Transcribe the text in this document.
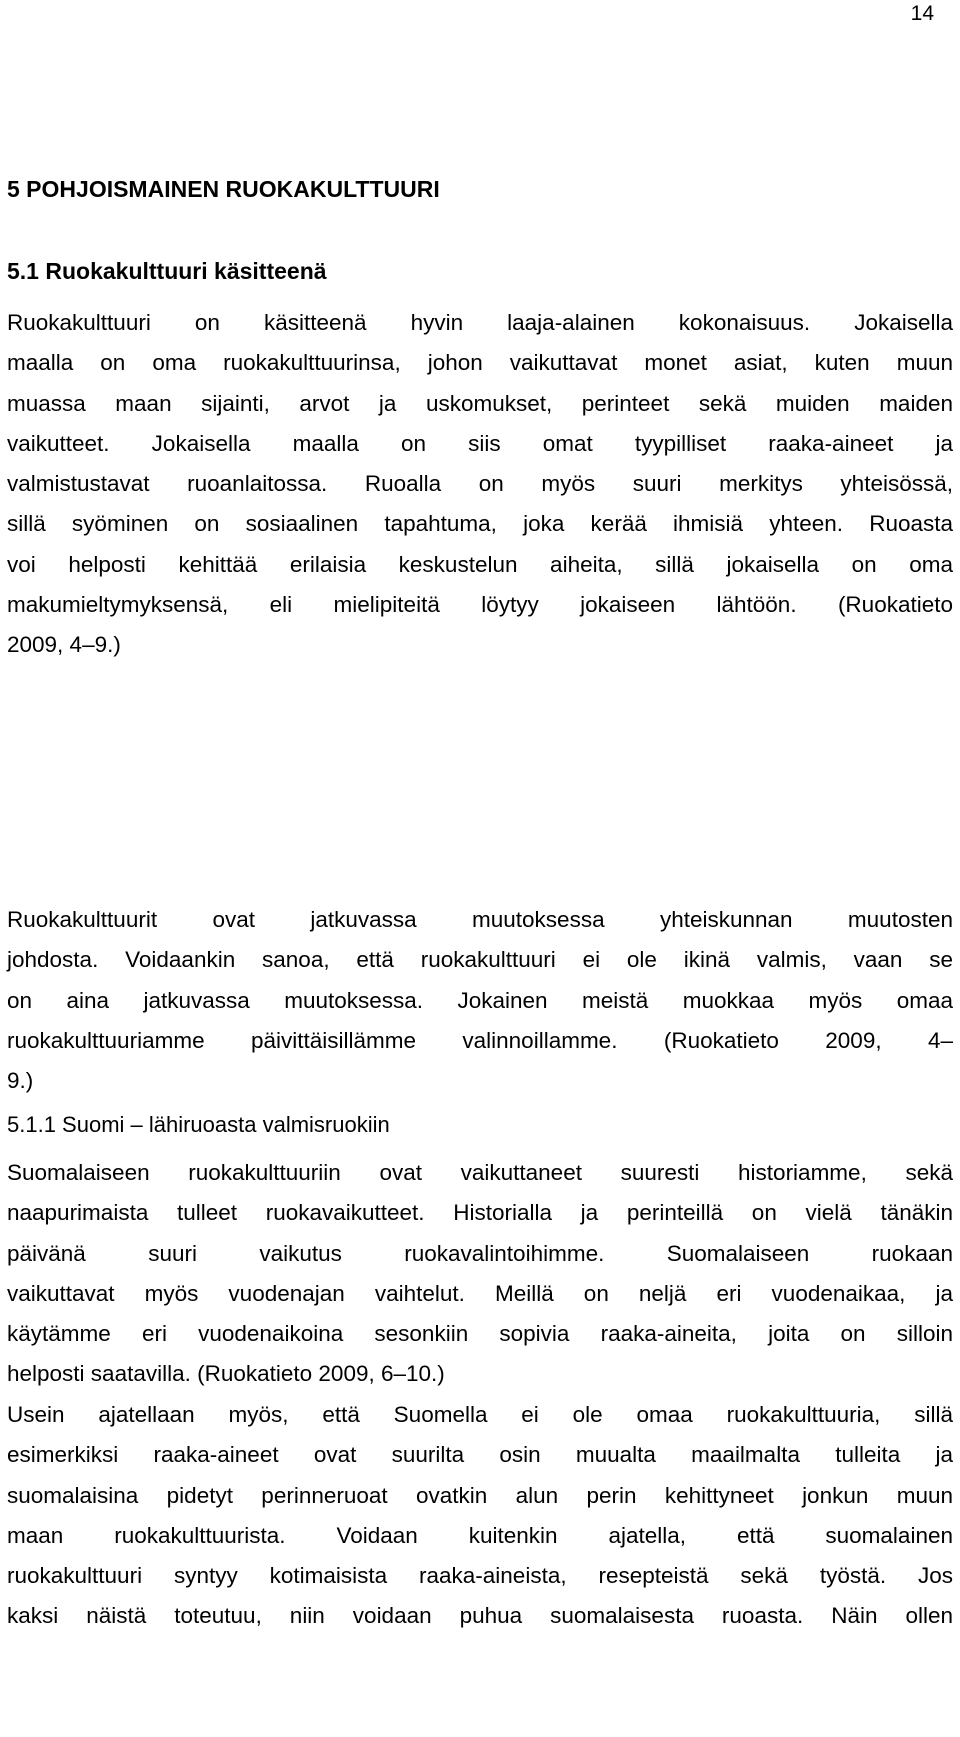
14
5 POHJOISMAINEN RUOKAKULTTUURI
5.1 Ruokakulttuuri käsitteenä
Ruokakulttuuri on käsitteenä hyvin laaja-alainen kokonaisuus. Jokaisella
maalla on oma ruokakulttuurinsa, johon vaikuttavat monet asiat, kuten muun
muassa maan sijainti, arvot ja uskomukset, perinteet sekä muiden maiden
vaikutteet. Jokaisella maalla on siis omat tyypilliset raaka-aineet ja
valmistustavat ruoanlaitossa. Ruoalla on myös suuri merkitys yhteisössä,
sillä syöminen on sosiaalinen tapahtuma, joka kerää ihmisiä yhteen. Ruoasta
voi helposti kehittää erilaisia keskustelun aiheita, sillä jokaisella on oma
makumieltymyksensä, eli mielipiteitä löytyy jokaiseen lähtöön. (Ruokatieto
2009, 4–9.)
Ruokakulttuurit ovat jatkuvassa muutoksessa yhteiskunnan muutosten
johdosta. Voidaankin sanoa, että ruokakulttuuri ei ole ikinä valmis, vaan se
on aina jatkuvassa muutoksessa. Jokainen meistä muokkaa myös omaa
ruokakulttuuriamme päivittäisillämme valinnoillamme. (Ruokatieto 2009, 4–
9.)
5.1.1 Suomi – lähiruoasta valmisruokiin
Suomalaiseen ruokakulttuuriin ovat vaikuttaneet suuresti historiamme, sekä
naapurimaista tulleet ruokavaikutteet. Historialla ja perinteillä on vielä tänäkin
päivänä suuri vaikutus ruokavalintoihimme. Suomalaiseen ruokaan
vaikuttavat myös vuodenajan vaihtelut. Meillä on neljä eri vuodenaikaa, ja
käytämme eri vuodenaikoina sesonkiin sopivia raaka-aineita, joita on silloin
helposti saatavilla. (Ruokatieto 2009, 6–10.)
Usein ajatellaan myös, että Suomella ei ole omaa ruokakulttuuria, sillä
esimerkiksi raaka-aineet ovat suurilta osin muualta maailmalta tulleita ja
suomalaisina pidetyt perinneruoat ovatkin alun perin kehittyneet jonkun muun
maan ruokakulttuurista. Voidaan kuitenkin ajatella, että suomalainen
ruokakulttuuri syntyy kotimaisista raaka-aineista, resepteistä sekä työstä. Jos
kaksi näistä toteutuu, niin voidaan puhua suomalaisesta ruoasta. Näin ollen
